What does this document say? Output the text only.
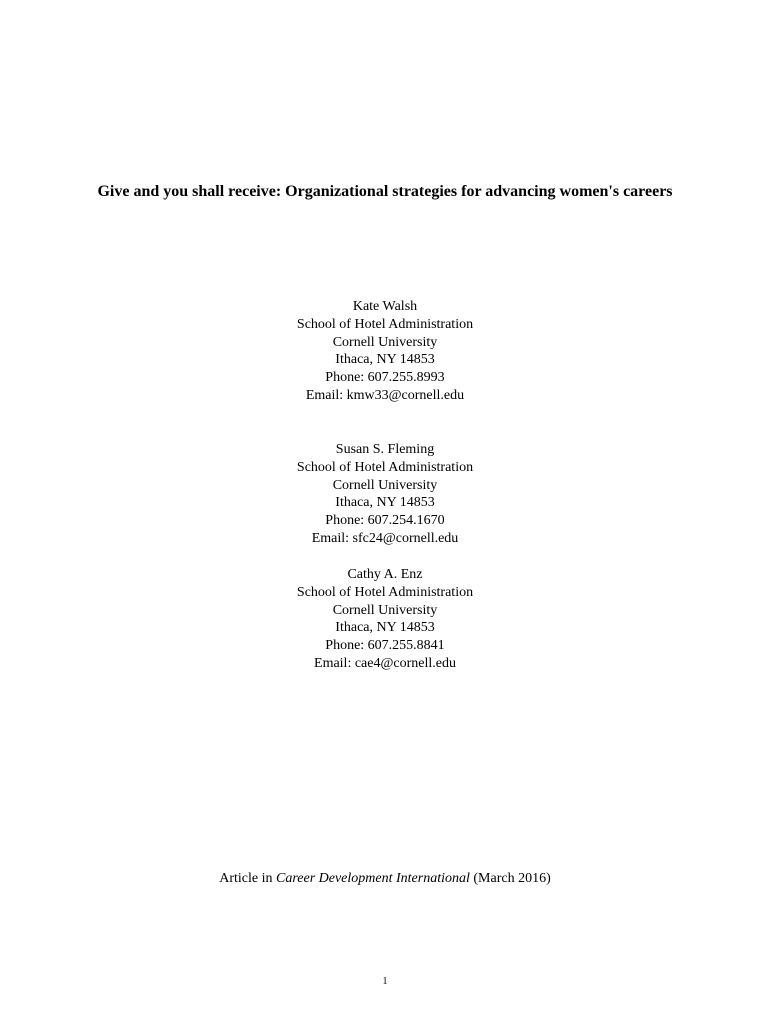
Give and you shall receive: Organizational strategies for advancing women's careers
Kate Walsh
School of Hotel Administration
Cornell University
Ithaca, NY 14853
Phone: 607.255.8993
Email: kmw33@cornell.edu
Susan S. Fleming
School of Hotel Administration
Cornell University
Ithaca, NY 14853
Phone: 607.254.1670
Email: sfc24@cornell.edu
Cathy A. Enz
School of Hotel Administration
Cornell University
Ithaca, NY 14853
Phone: 607.255.8841
Email: cae4@cornell.edu
Article in Career Development International (March 2016)
1
